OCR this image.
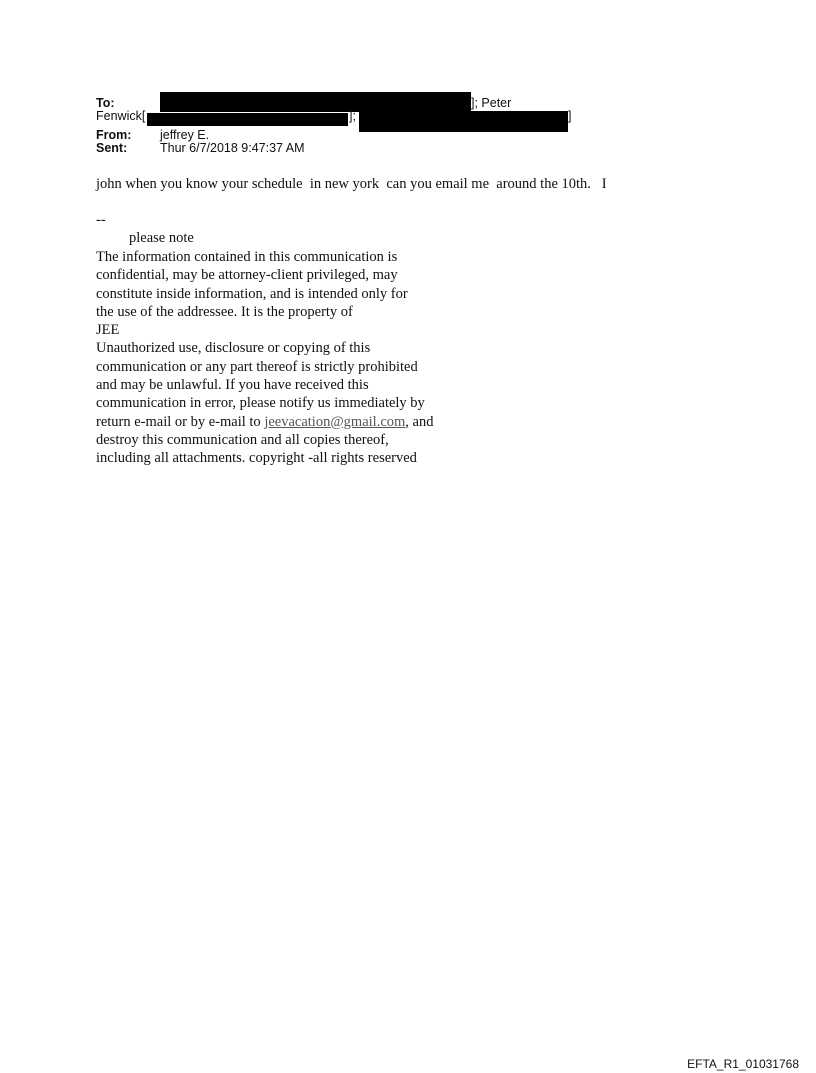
To:	]; Peter
Fenwick[	];	]
From: jeffrey E.
Sent:	Thur 6/7/2018 9:47:37 AM
john when you know your schedule  in new york  can you email me  around the 10th.   I
--
please note
The information contained in this communication is
confidential, may be attorney-client privileged, may
constitute inside information, and is intended only for
the use of the addressee. It is the property of
JEE
Unauthorized use, disclosure or copying of this
communication or any part thereof is strictly prohibited
and may be unlawful. If you have received this
communication in error, please notify us immediately by
return e-mail or by e-mail to jeevacation@gmail.com, and
destroy this communication and all copies thereof,
including all attachments. copyright -all rights reserved
EFTA_R1_01031768
